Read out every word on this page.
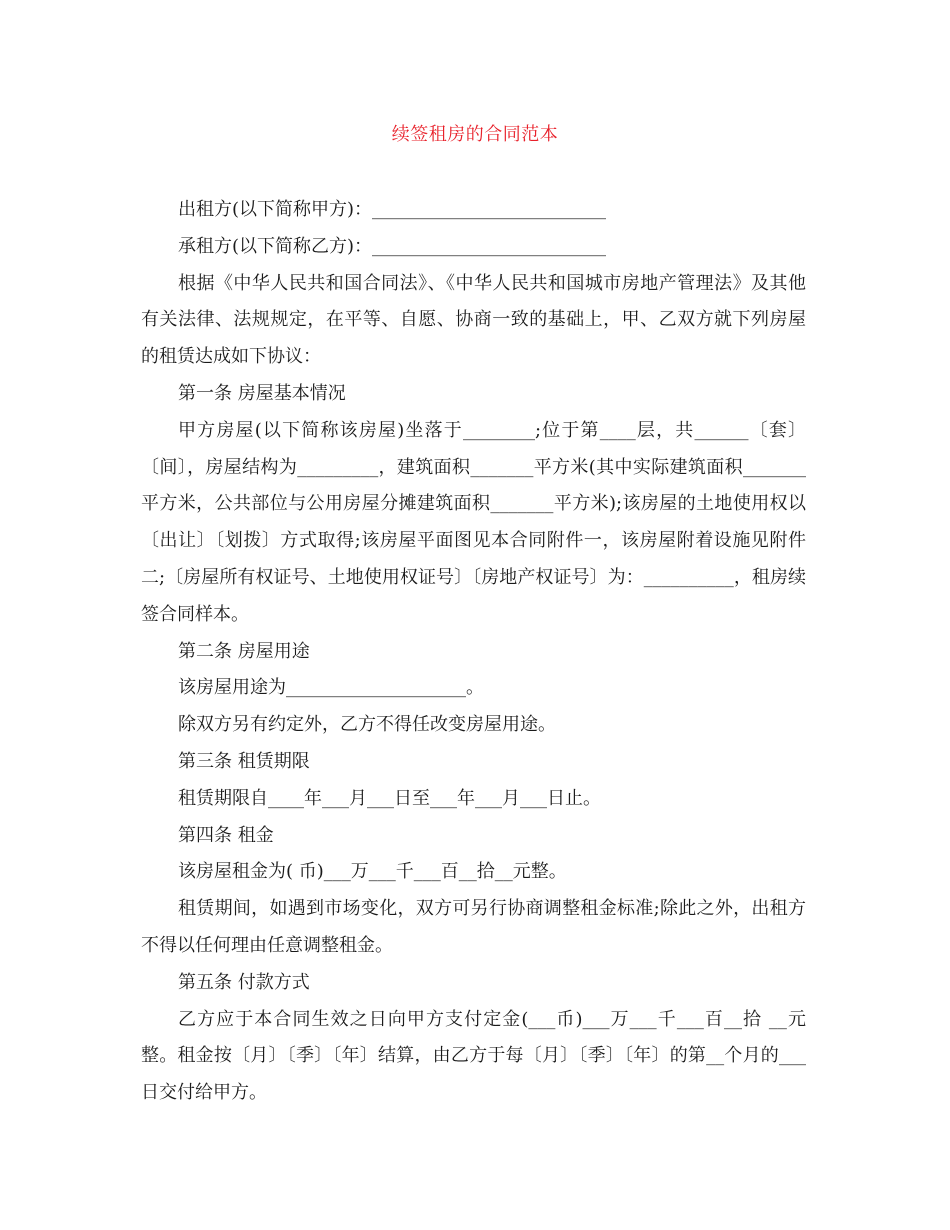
续签租房的合同范本

出租方(以下简称甲方)：__________________________

承租方(以下简称乙方)：__________________________

根据《中华人民共和国合同法》、《中华人民共和国城市房地产管理法》及其他有关法律、法规规定，在平等、自愿、协商一致的基础上，甲、乙双方就下列房屋的租赁达成如下协议：

第一条 房屋基本情况

甲方房屋(以下简称该房屋)坐落于________;位于第____层，共______〔套〕〔间〕，房屋结构为_________，建筑面积_______平方米(其中实际建筑面积_______平方米，公共部位与公用房屋分摊建筑面积_______平方米);该房屋的土地使用权以〔出让〕〔划拨〕方式取得;该房屋平面图见本合同附件一，该房屋附着设施见附件二;〔房屋所有权证号、土地使用权证号〕〔房地产权证号〕为：__________，租房续签合同样本。

第二条 房屋用途

该房屋用途为____________________。

除双方另有约定外，乙方不得任改变房屋用途。

第三条 租赁期限

租赁期限自____年___月___日至___年___月___日止。

第四条 租金

该房屋租金为( 币)___万___千___百__拾__元整。

租赁期间，如遇到市场变化，双方可另行协商调整租金标准;除此之外，出租方不得以任何理由任意调整租金。

第五条 付款方式

乙方应于本合同生效之日向甲方支付定金(___币)___万___千___百__拾 __元整。租金按〔月〕〔季〕〔年〕结算，由乙方于每〔月〕〔季〕〔年〕的第__个月的___日交付给甲方。
